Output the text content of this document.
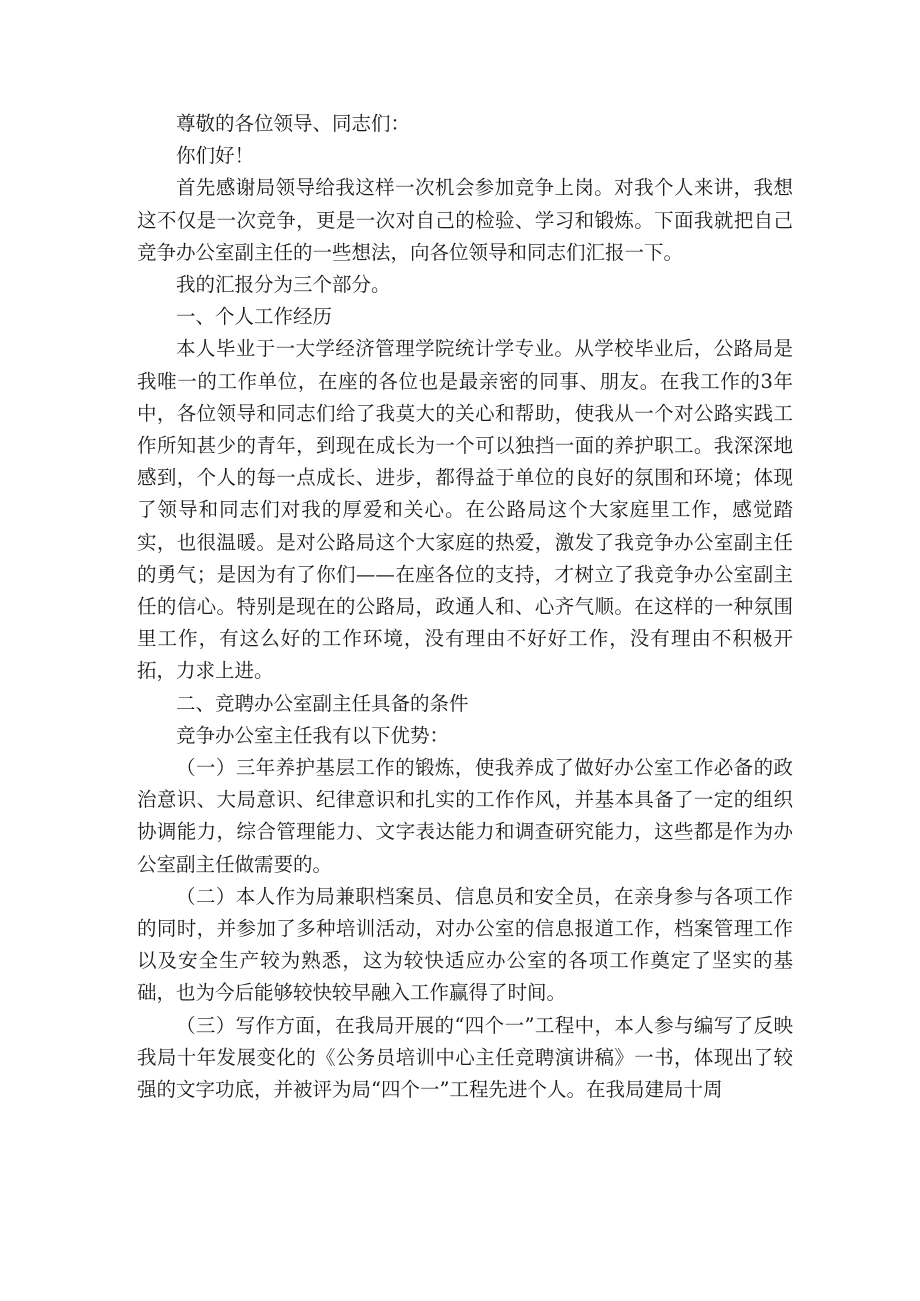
尊敬的各位领导、同志们：

你们好！

首先感谢局领导给我这样一次机会参加竞争上岗。对我个人来讲，我想这不仅是一次竞争，更是一次对自己的检验、学习和锻炼。下面我就把自己竞争办公室副主任的一些想法，向各位领导和同志们汇报一下。

我的汇报分为三个部分。

一、个人工作经历

本人毕业于一大学经济管理学院统计学专业。从学校毕业后，公路局是我唯一的工作单位，在座的各位也是最亲密的同事、朋友。在我工作的3年中，各位领导和同志们给了我莫大的关心和帮助，使我从一个对公路实践工作所知甚少的青年，到现在成长为一个可以独挡一面的养护职工。我深深地感到，个人的每一点成长、进步，都得益于单位的良好的氛围和环境；体现了领导和同志们对我的厚爱和关心。在公路局这个大家庭里工作，感觉踏实，也很温暖。是对公路局这个大家庭的热爱，激发了我竞争办公室副主任的勇气；是因为有了你们——在座各位的支持，才树立了我竞争办公室副主任的信心。特别是现在的公路局，政通人和、心齐气顺。在这样的一种氛围里工作，有这么好的工作环境，没有理由不好好工作，没有理由不积极开拓，力求上进。

二、竞聘办公室副主任具备的条件

竞争办公室主任我有以下优势：

（一）三年养护基层工作的锻炼，使我养成了做好办公室工作必备的政治意识、大局意识、纪律意识和扎实的工作作风，并基本具备了一定的组织协调能力，综合管理能力、文字表达能力和调查研究能力，这些都是作为办公室副主任做需要的。

（二）本人作为局兼职档案员、信息员和安全员，在亲身参与各项工作的同时，并参加了多种培训活动，对办公室的信息报道工作，档案管理工作以及安全生产较为熟悉，这为较快适应办公室的各项工作奠定了坚实的基础，也为今后能够较快较早融入工作赢得了时间。

（三）写作方面，在我局开展的“四个一”工程中，本人参与编写了反映我局十年发展变化的《公务员培训中心主任竞聘演讲稿》一书，体现出了较强的文字功底，并被评为局“四个一”工程先进个人。在我局建局十周
